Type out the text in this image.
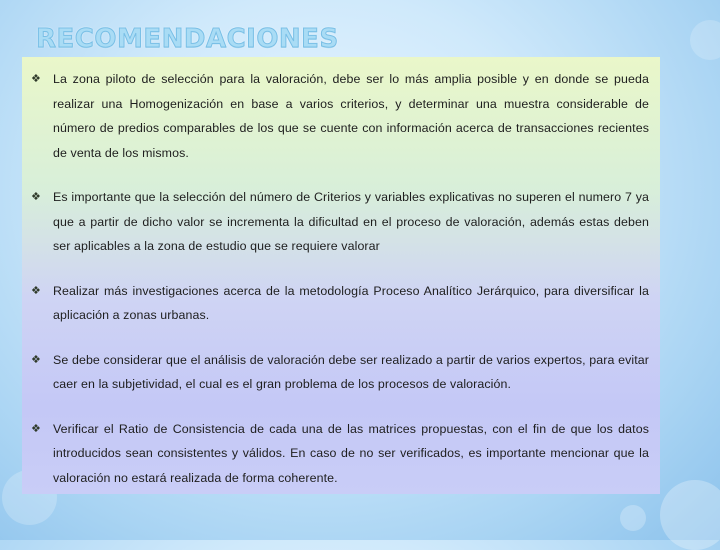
RECOMENDACIONES
❖ La zona piloto de selección para la valoración, debe ser lo más amplia posible y en donde se pueda realizar una Homogenización en base a varios criterios, y determinar una muestra considerable de número de predios comparables de los que se cuente con información acerca de transacciones recientes de venta de los mismos.
❖ Es importante que la selección del número de Criterios y variables explicativas no superen el numero 7 ya que a partir de dicho valor se incrementa la dificultad en el proceso de valoración, además estas deben ser aplicables a la zona de estudio que se requiere valorar
❖ Realizar más investigaciones acerca de la metodología Proceso Analítico Jerárquico, para diversificar la aplicación a zonas urbanas.
❖ Se debe considerar que el análisis de valoración debe ser realizado a partir de varios expertos, para evitar caer en la subjetividad, el cual es el gran problema de los procesos de valoración.
❖ Verificar el Ratio de Consistencia de cada una de las matrices propuestas, con el fin de que los datos introducidos sean consistentes y válidos. En caso de no ser verificados, es importante mencionar que la valoración no estará realizada de forma coherente.
